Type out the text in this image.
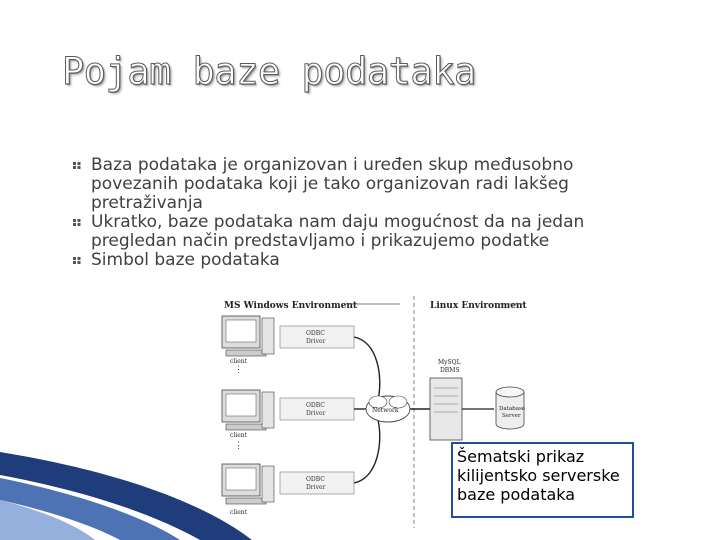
Pojam baze podataka
Baza podataka je organizovan i uređen skup međusobno povezanih podataka koji je tako organizovan radi lakšeg pretraživanja
Ukratko, baze podataka nam daju mogućnost da na jedan pregledan način predstavljamo i prikazujemo podatke
Simbol baze podataka
MS Windows Environment	Linux Environment
client
ODBC
Driver
⋮
client
ODBC
Driver
⋮
client
ODBC
Driver
Network
MySQL
DBMS
Database
Server
Šematski prikaz
kilijentsko serverske
baze podataka
